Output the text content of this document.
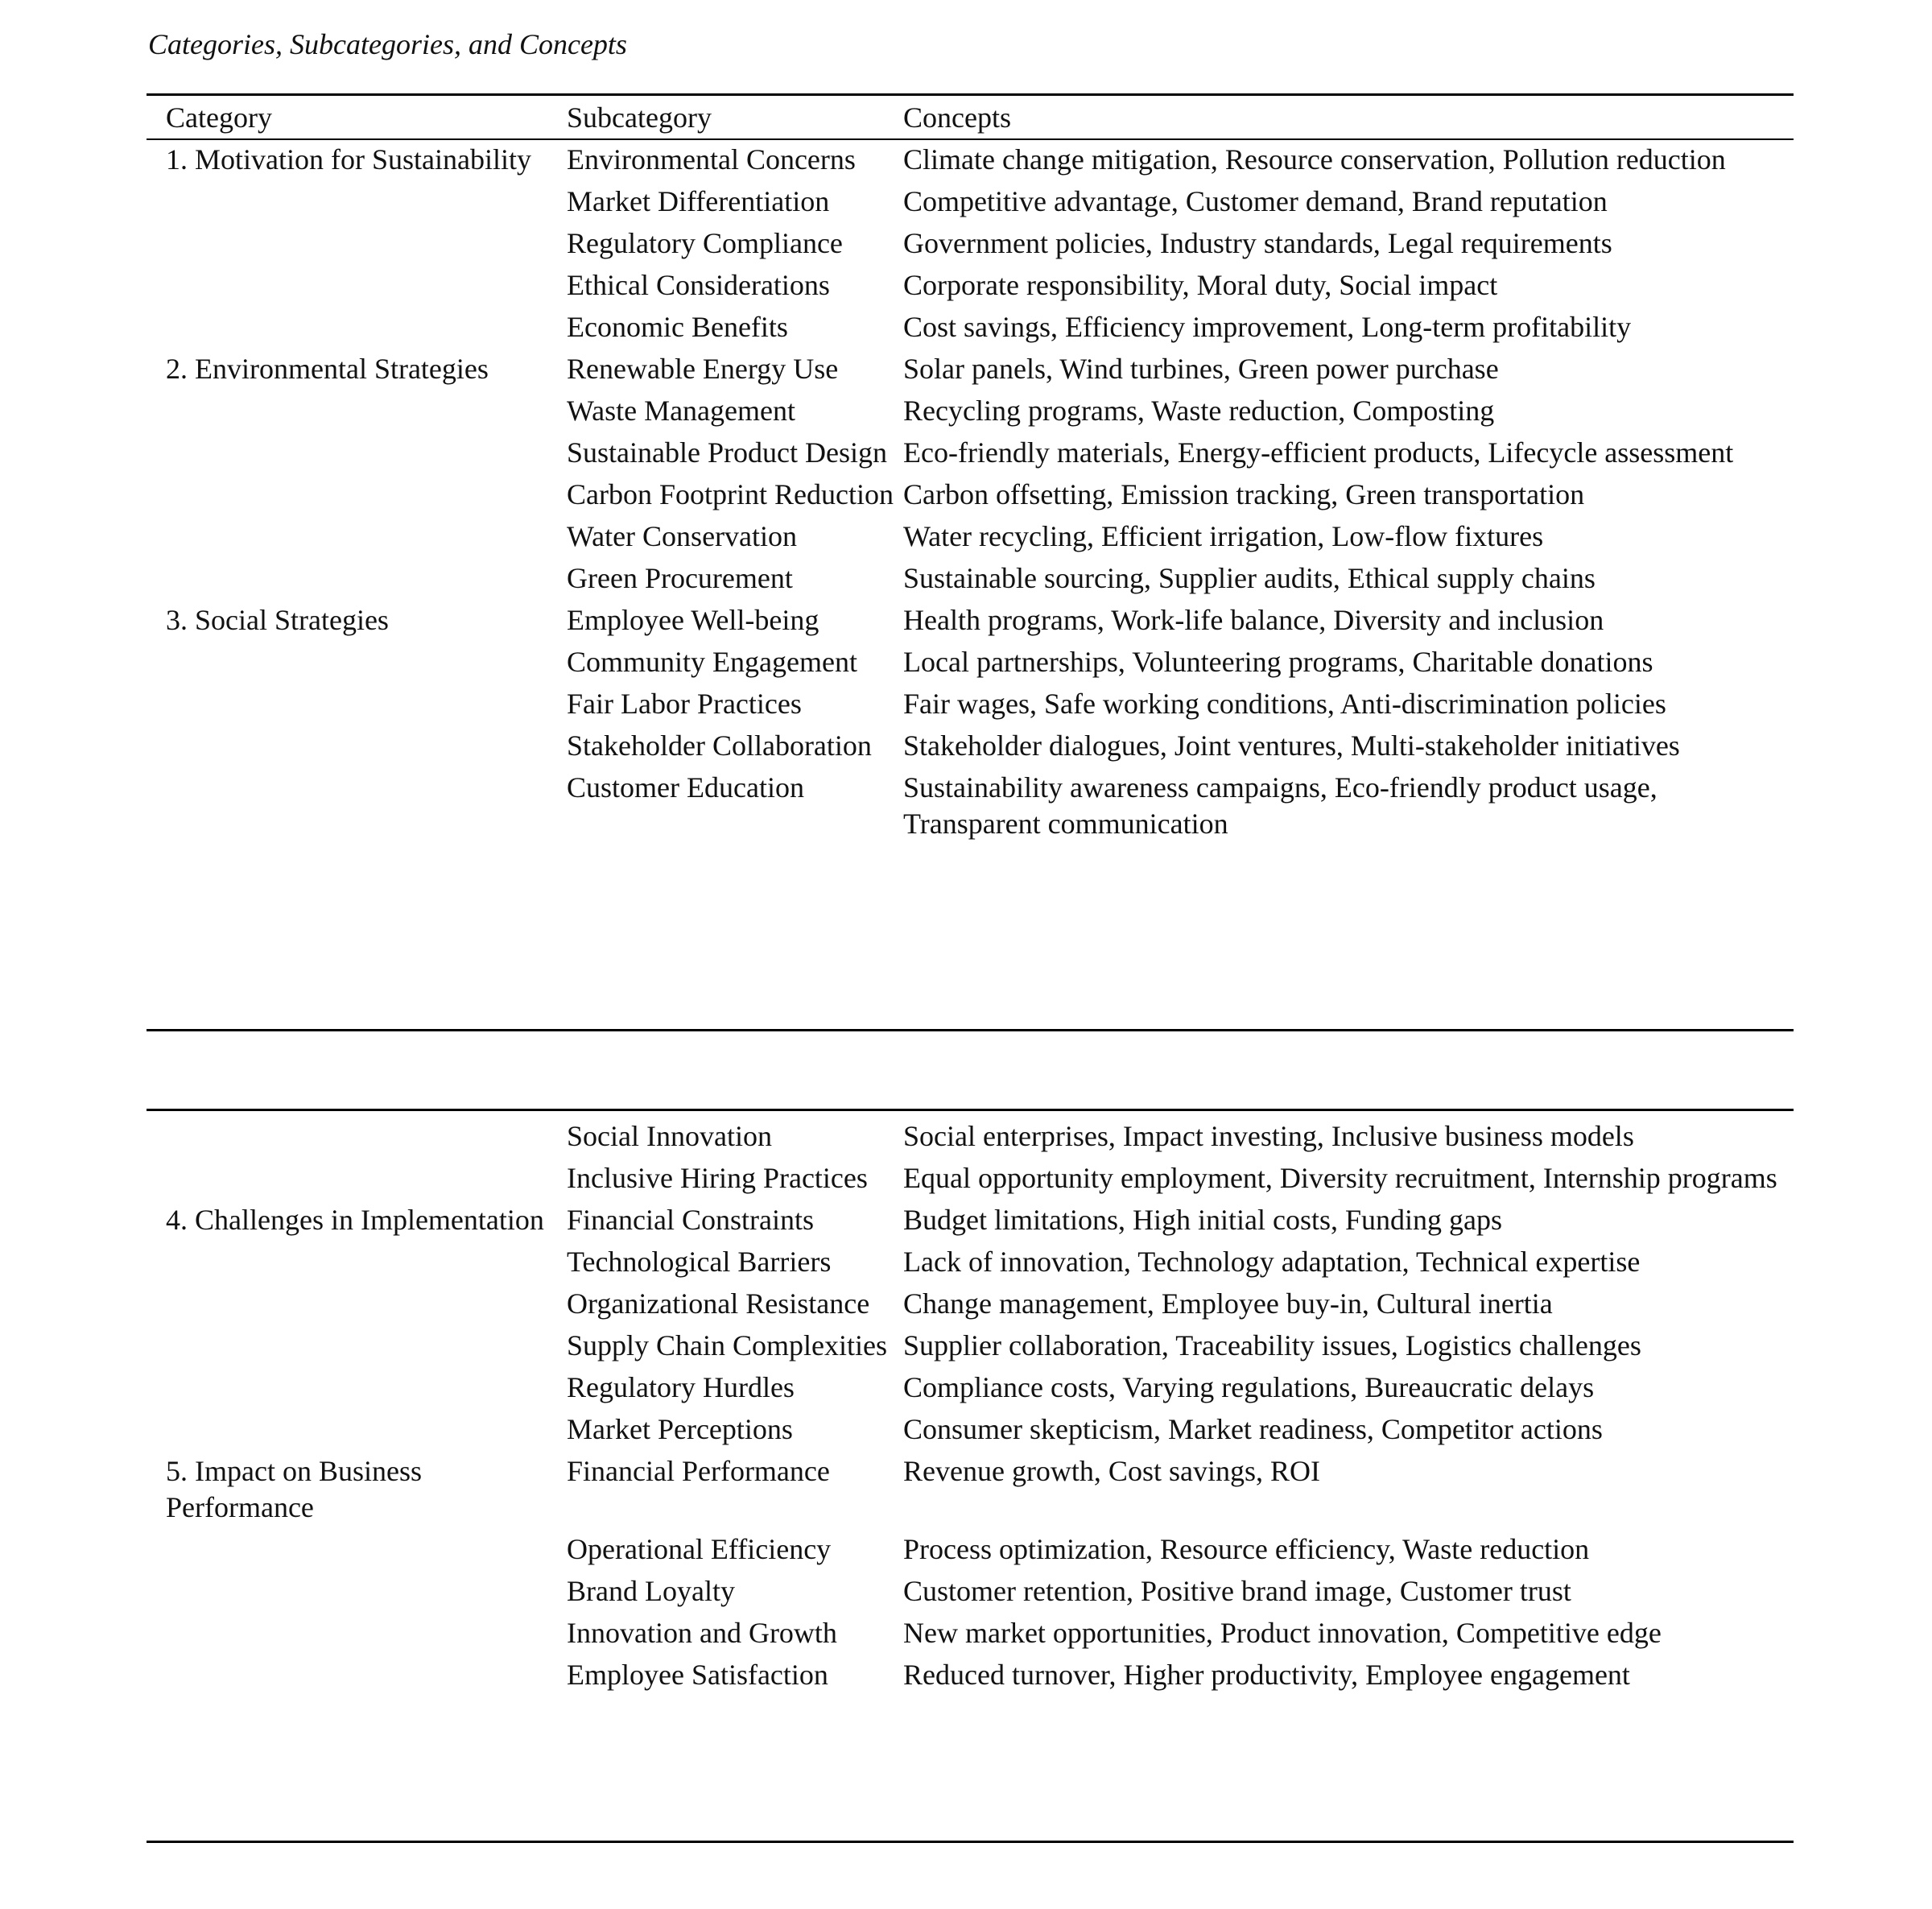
Categories, Subcategories, and Concepts
Category	Subcategory	Concepts
1. Motivation for Sustainability	Environmental Concerns	Climate change mitigation, Resource conservation, Pollution reduction
	Market Differentiation	Competitive advantage, Customer demand, Brand reputation
	Regulatory Compliance	Government policies, Industry standards, Legal requirements
	Ethical Considerations	Corporate responsibility, Moral duty, Social impact
	Economic Benefits	Cost savings, Efficiency improvement, Long-term profitability
2. Environmental Strategies	Renewable Energy Use	Solar panels, Wind turbines, Green power purchase
	Waste Management	Recycling programs, Waste reduction, Composting
	Sustainable Product Design	Eco-friendly materials, Energy-efficient products, Lifecycle assessment
	Carbon Footprint Reduction	Carbon offsetting, Emission tracking, Green transportation
	Water Conservation	Water recycling, Efficient irrigation, Low-flow fixtures
	Green Procurement	Sustainable sourcing, Supplier audits, Ethical supply chains
3. Social Strategies	Employee Well-being	Health programs, Work-life balance, Diversity and inclusion
	Community Engagement	Local partnerships, Volunteering programs, Charitable donations
	Fair Labor Practices	Fair wages, Safe working conditions, Anti-discrimination policies
	Stakeholder Collaboration	Stakeholder dialogues, Joint ventures, Multi-stakeholder initiatives
	Customer Education	Sustainability awareness campaigns, Eco-friendly product usage, Transparent communication
	Social Innovation	Social enterprises, Impact investing, Inclusive business models
	Inclusive Hiring Practices	Equal opportunity employment, Diversity recruitment, Internship programs
4. Challenges in Implementation	Financial Constraints	Budget limitations, High initial costs, Funding gaps
	Technological Barriers	Lack of innovation, Technology adaptation, Technical expertise
	Organizational Resistance	Change management, Employee buy-in, Cultural inertia
	Supply Chain Complexities	Supplier collaboration, Traceability issues, Logistics challenges
	Regulatory Hurdles	Compliance costs, Varying regulations, Bureaucratic delays
	Market Perceptions	Consumer skepticism, Market readiness, Competitor actions
5. Impact on Business Performance	Financial Performance	Revenue growth, Cost savings, ROI
	Operational Efficiency	Process optimization, Resource efficiency, Waste reduction
	Brand Loyalty	Customer retention, Positive brand image, Customer trust
	Innovation and Growth	New market opportunities, Product innovation, Competitive edge
	Employee Satisfaction	Reduced turnover, Higher productivity, Employee engagement
